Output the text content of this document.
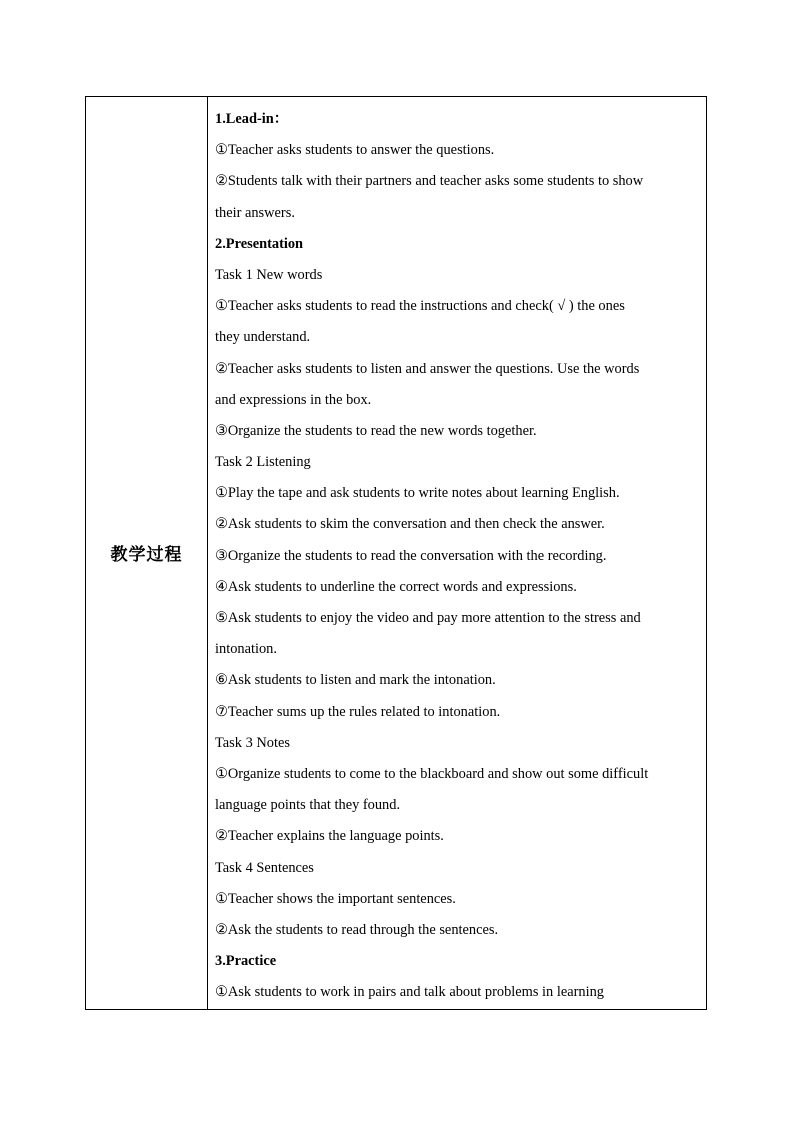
教学过程
1.Lead-in：
①Teacher asks students to answer the questions.
②Students talk with their partners and teacher asks some students to show
their answers.
2.Presentation
Task 1 New words
①Teacher asks students to read the instructions and check( √ ) the ones
they understand.
②Teacher asks students to listen and answer the questions. Use the words
and expressions in the box.
③Organize the students to read the new words together.
Task 2 Listening
①Play the tape and ask students to write notes about learning English.
②Ask students to skim the conversation and then check the answer.
③Organize the students to read the conversation with the recording.
④Ask students to underline the correct words and expressions.
⑤Ask students to enjoy the video and pay more attention to the stress and
intonation.
⑥Ask students to listen and mark the intonation.
⑦Teacher sums up the rules related to intonation.
Task 3 Notes
①Organize students to come to the blackboard and show out some difficult
language points that they found.
②Teacher explains the language points.
Task 4 Sentences
①Teacher shows the important sentences.
②Ask the students to read through the sentences.
3.Practice
①Ask students to work in pairs and talk about problems in learning
